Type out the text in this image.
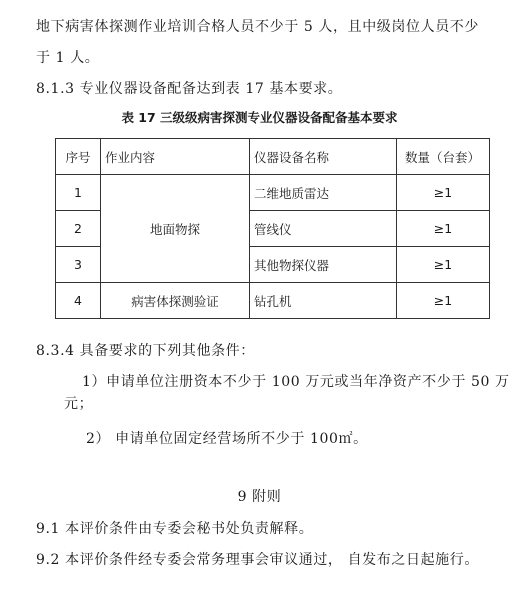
地下病害体探测作业培训合格人员不少于 5 人，且中级岗位人员不少
于 1 人。
8.1.3 专业仪器设备配备达到表 17 基本要求。
表 17 三级级病害探测专业仪器设备配备基本要求
序号	作业内容	仪器设备名称	数量（台套）
1	地面物探	二维地质雷达	≥1
2		管线仪	≥1
3		其他物探仪器	≥1
4	病害体探测验证	钻孔机	≥1
8.3.4 具备要求的下列其他条件：
1）申请单位注册资本不少于 100 万元或当年净资产不少于 50 万
元；
2） 申请单位固定经营场所不少于 100㎡。
9 附则
9.1 本评价条件由专委会秘书处负责解释。
9.2 本评价条件经专委会常务理事会审议通过， 自发布之日起施行。
